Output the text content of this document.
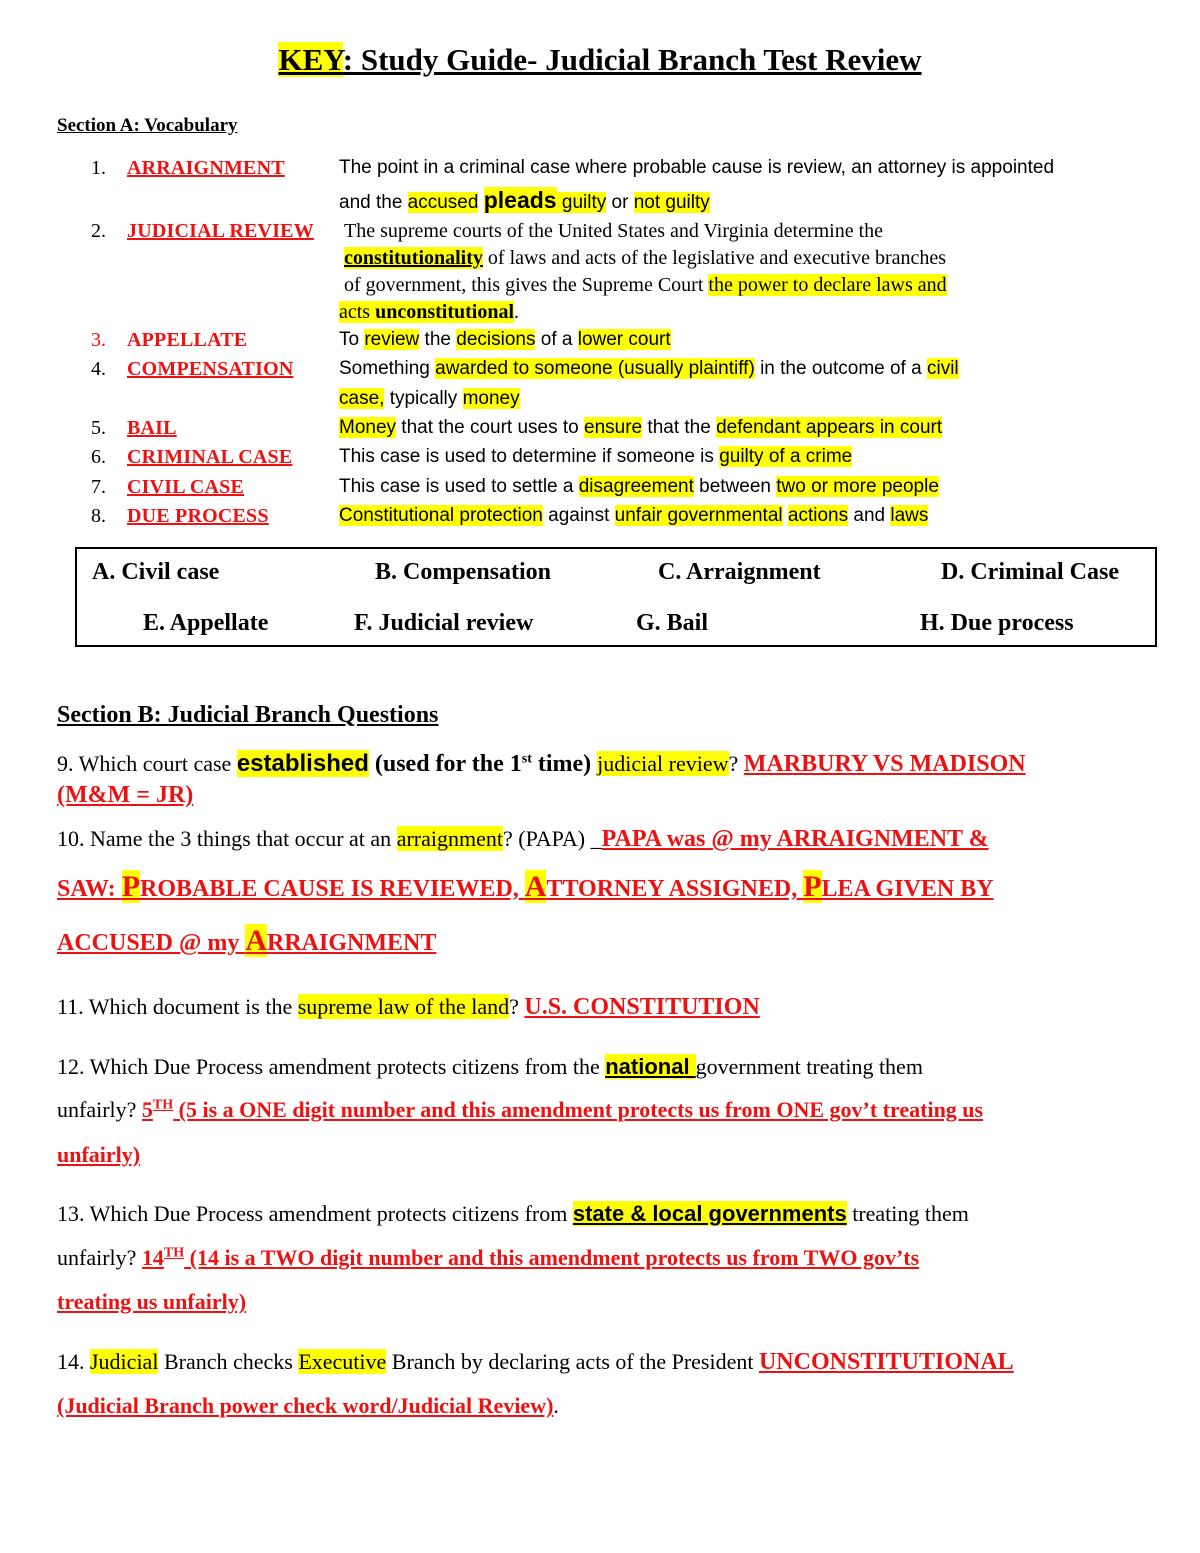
KEY: Study Guide- Judicial Branch Test Review
Section A: Vocabulary
1. ARRAIGNMENT	The point in a criminal case where probable cause is review, an attorney is appointed
and the accused pleads guilty or not guilty
2. JUDICIAL REVIEW The supreme courts of the United States and Virginia determine the
constitutionality of laws and acts of the legislative and executive branches
of government, this gives the Supreme Court the power to declare laws and
acts unconstitutional.
3. APPELLATE	To review the decisions of a lower court
4. COMPENSATION Something awarded to someone (usually plaintiff) in the outcome of a civil
case, typically money
5. BAIL	Money that the court uses to ensure that the defendant appears in court
6. CRIMINAL CASE This case is used to determine if someone is guilty of a crime
7. CIVIL CASE	This case is used to settle a disagreement between two or more people
8. DUE PROCESS	Constitutional protection against unfair governmental actions and laws
A. Civil case	B. Compensation	C. Arraignment	D. Criminal Case
E. Appellate	F. Judicial review	G. Bail	H. Due process
Section B: Judicial Branch Questions
9. Which court case established (used for the 1st time) judicial review? MARBURY VS MADISON
(M&M = JR)
10. Name the 3 things that occur at an arraignment? (PAPA) _PAPA was @ my ARRAIGNMENT &
SAW: PROBABLE CAUSE IS REVIEWED, ATTORNEY ASSIGNED, PLEA GIVEN BY
ACCUSED @ my ARRAIGNMENT
11. Which document is the supreme law of the land? U.S. CONSTITUTION
12. Which Due Process amendment protects citizens from the national government treating them
unfairly? 5TH (5 is a ONE digit number and this amendment protects us from ONE gov’t treating us
unfairly)
13. Which Due Process amendment protects citizens from state & local governments treating them
unfairly? 14TH (14 is a TWO digit number and this amendment protects us from TWO gov’ts
treating us unfairly)
14. Judicial Branch checks Executive Branch by declaring acts of the President UNCONSTITUTIONAL
(Judicial Branch power check word/Judicial Review).
